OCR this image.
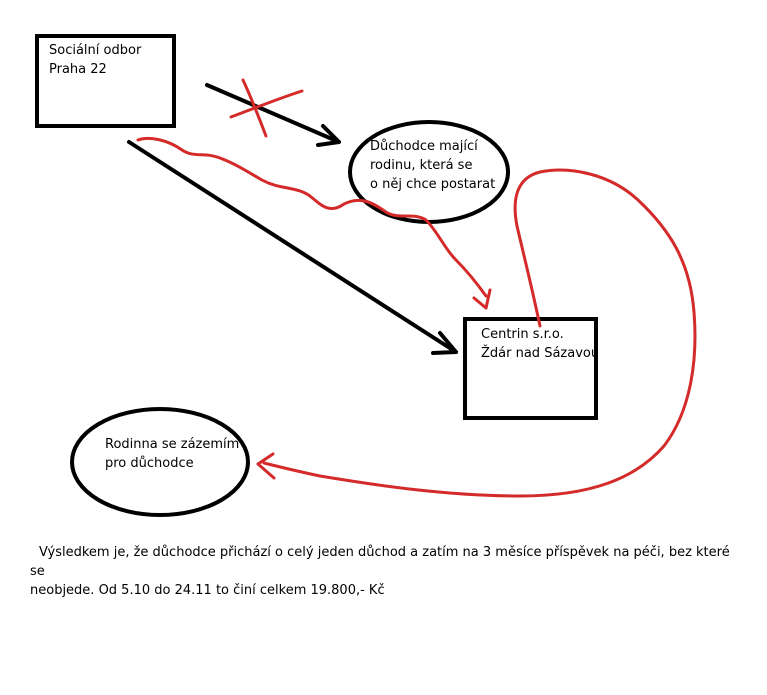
Sociální odbor
Praha 22
Důchodce mající
rodinu, která se
o něj chce postarat
Centrin s.r.o.
Ždár nad Sázavou
Rodinna se zázemím
pro důchodce
Výsledkem je, že důchodce přichází o celý jeden důchod a zatím na 3 měsíce příspěvek na péči, bez které se
neobjede. Od 5.10 do 24.11 to činí celkem 19.800,- Kč
